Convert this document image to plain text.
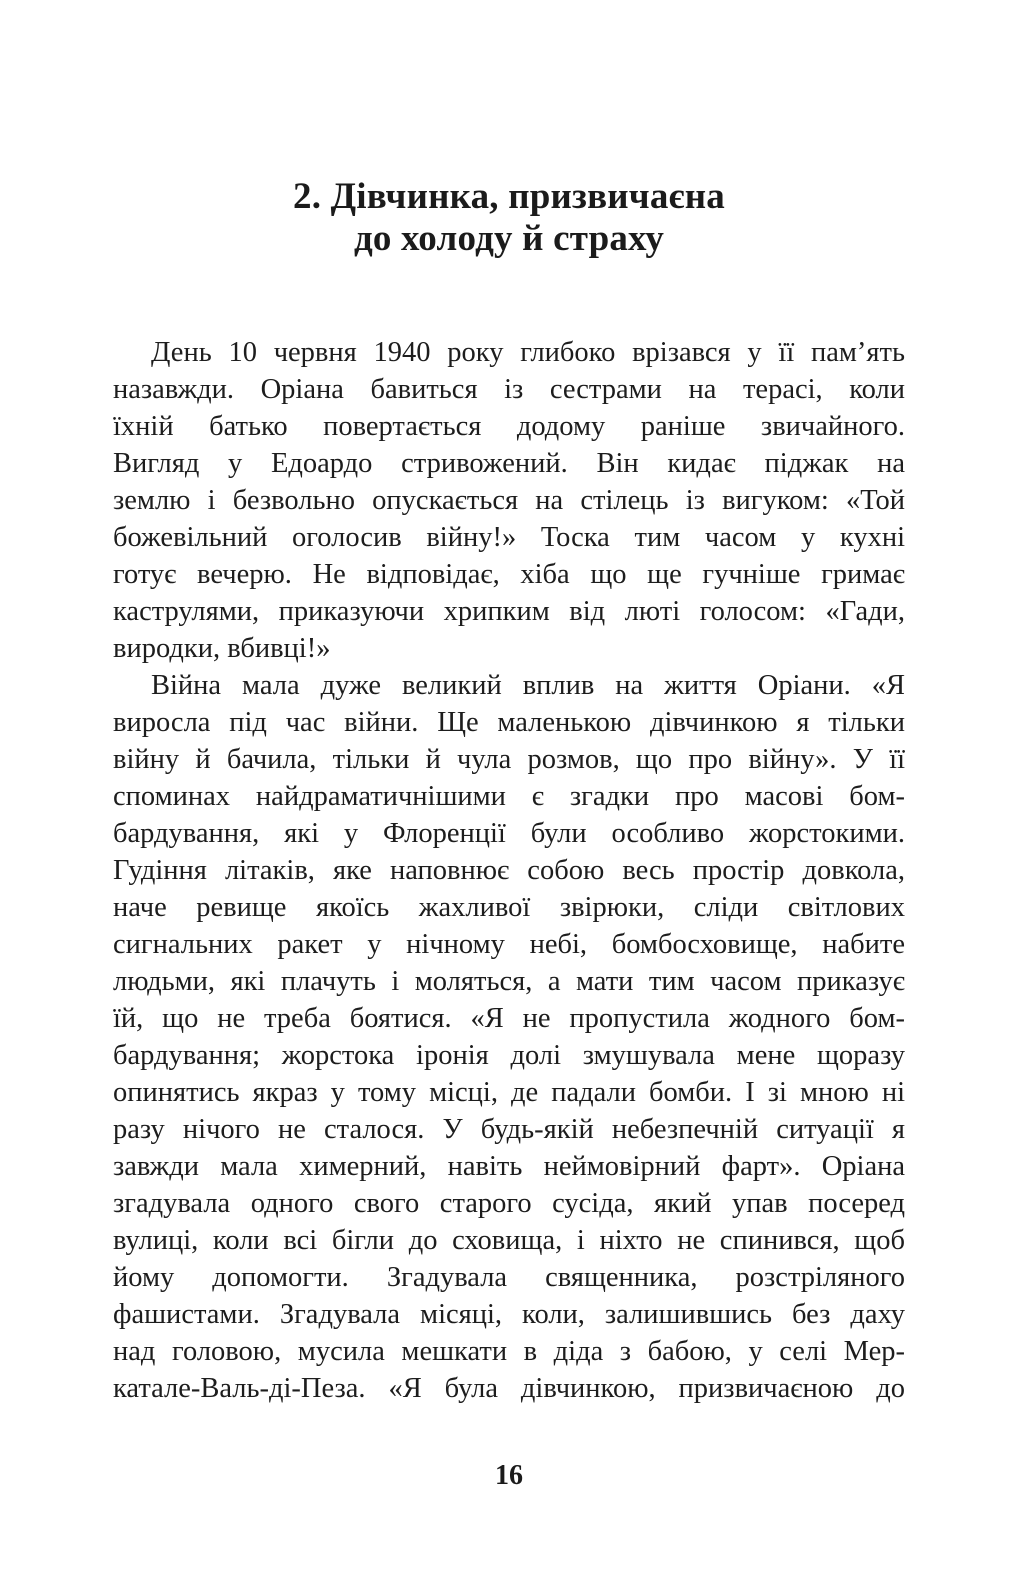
2. Дівчинка, призвичаєна
до холоду й страху
День 10 червня 1940 року глибоко врізався у її пам’ять
назавжди. Оріана бавиться із сестрами на терасі, коли
їхній батько повертається додому раніше звичайного.
Вигляд у Едоардо стривожений. Він кидає піджак на
землю і безвольно опускається на стілець із вигуком: «Той
божевільний оголосив війну!» Тоска тим часом у кухні
готує вечерю. Не відповідає, хіба що ще гучніше гримає
каструлями, приказуючи хрипким від люті голосом: «Гади,
виродки, вбивці!»
Війна мала дуже великий вплив на життя Оріани. «Я
виросла під час війни. Ще маленькою дівчинкою я тільки
війну й бачила, тільки й чула розмов, що про війну». У її
споминах найдраматичнішими є згадки про масові бом-
бардування, які у Флоренції були особливо жорстокими.
Гудіння літаків, яке наповнює собою весь простір довкола,
наче ревище якоїсь жахливої звірюки, сліди світлових
сигнальних ракет у нічному небі, бомбосховище, набите
людьми, які плачуть і моляться, а мати тим часом приказує
їй, що не треба боятися. «Я не пропустила жодного бом-
бардування; жорстока іронія долі змушувала мене щоразу
опинятись якраз у тому місці, де падали бомби. І зі мною ні
разу нічого не сталося. У будь-якій небезпечній ситуації я
завжди мала химерний, навіть неймовірний фарт». Оріана
згадувала одного свого старого сусіда, який упав посеред
вулиці, коли всі бігли до сховища, і ніхто не спинився, щоб
йому допомогти. Згадувала священника, розстріляного
фашистами. Згадувала місяці, коли, залишившись без даху
над головою, мусила мешкати в діда з бабою, у селі Мер-
катале-Валь-ді-Пеза. «Я була дівчинкою, призвичаєною до
16
